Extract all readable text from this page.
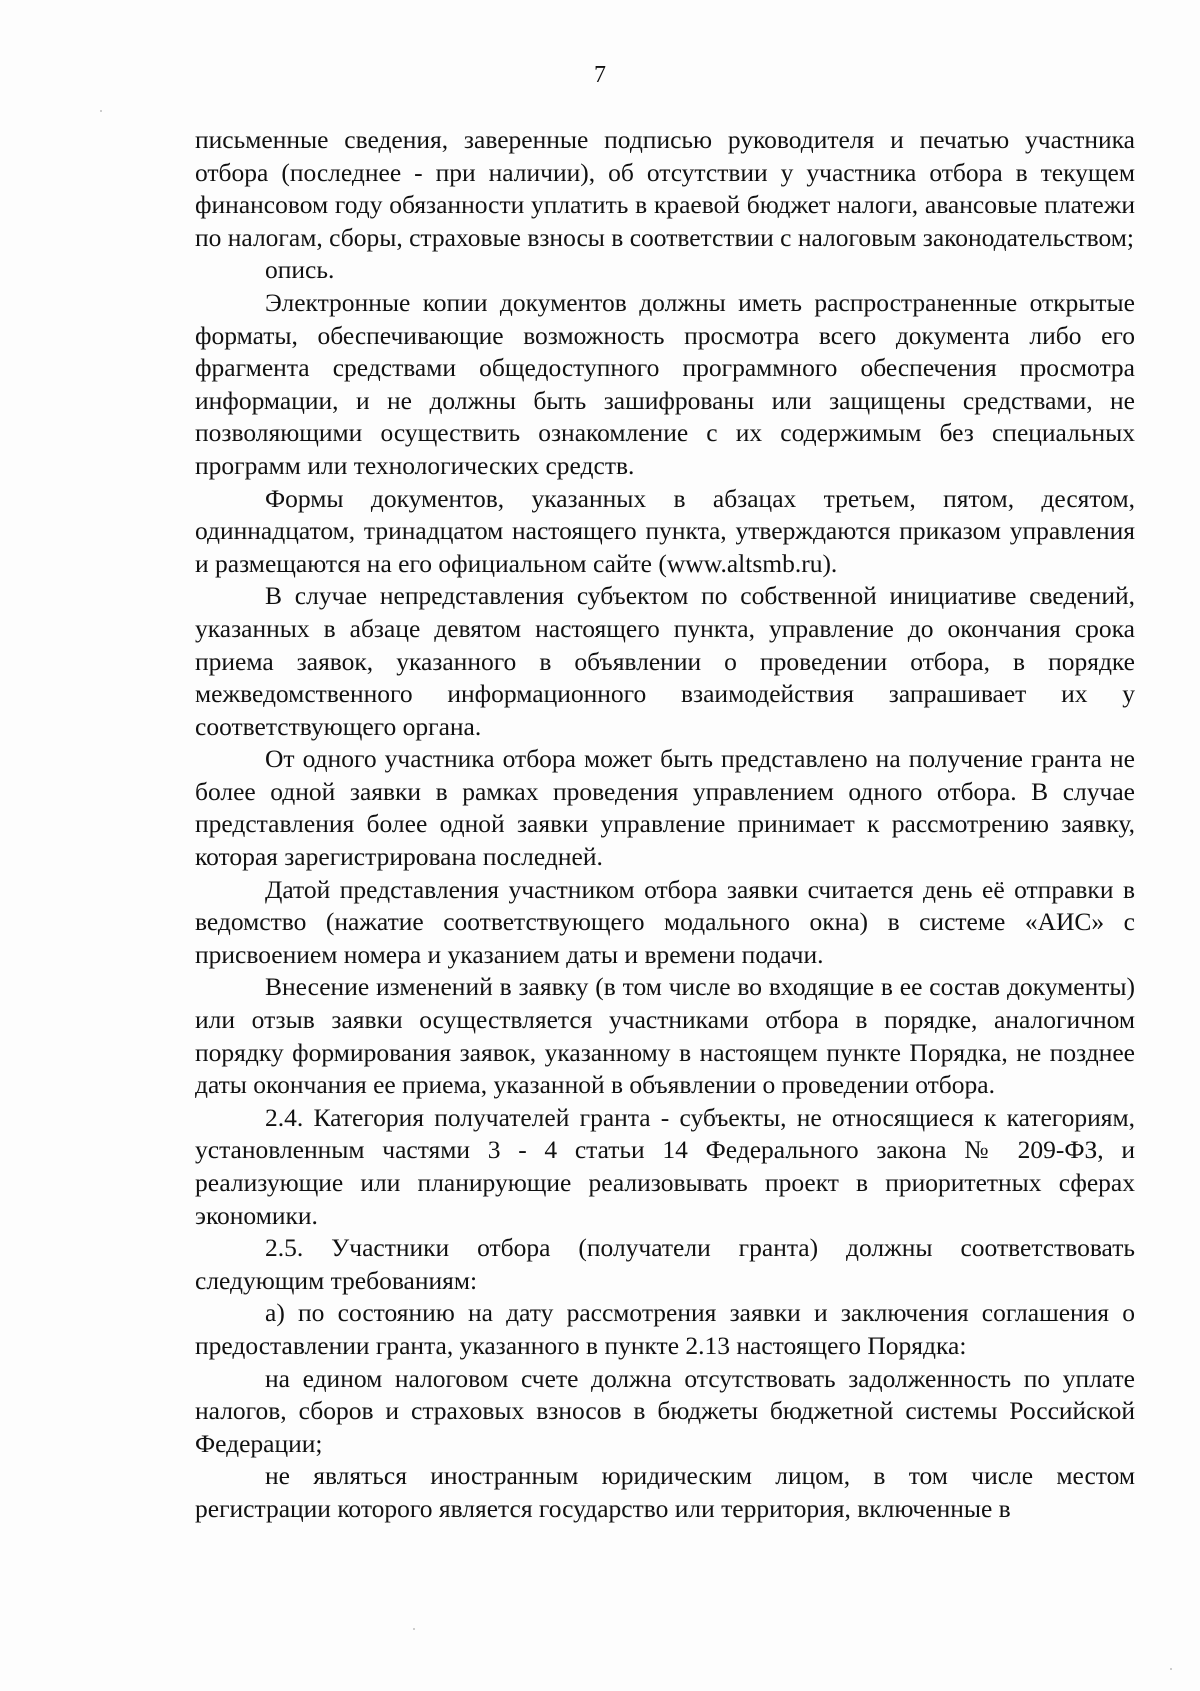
7

письменные сведения, заверенные подписью руководителя и печатью участника отбора (последнее - при наличии), об отсутствии у участника отбора в текущем финансовом году обязанности уплатить в краевой бюджет налоги, авансовые платежи по налогам, сборы, страховые взносы в соответствии с налоговым законодательством;

опись.

Электронные копии документов должны иметь распространенные открытые форматы, обеспечивающие возможность просмотра всего документа либо его фрагмента средствами общедоступного программного обеспечения просмотра информации, и не должны быть зашифрованы или защищены средствами, не позволяющими осуществить ознакомление с их содержимым без специальных программ или технологических средств.

Формы документов, указанных в абзацах третьем, пятом, десятом, одиннадцатом, тринадцатом настоящего пункта, утверждаются приказом управления и размещаются на его официальном сайте (www.altsmb.ru).

В случае непредставления субъектом по собственной инициативе сведений, указанных в абзаце девятом настоящего пункта, управление до окончания срока приема заявок, указанного в объявлении о проведении отбора, в порядке межведомственного информационного взаимодействия запрашивает их у соответствующего органа.

От одного участника отбора может быть представлено на получение гранта не более одной заявки в рамках проведения управлением одного отбора. В случае представления более одной заявки управление принимает к рассмотрению заявку, которая зарегистрирована последней.

Датой представления участником отбора заявки считается день её отправки в ведомство (нажатие соответствующего модального окна) в системе «АИС» с присвоением номера и указанием даты и времени подачи.

Внесение изменений в заявку (в том числе во входящие в ее состав документы) или отзыв заявки осуществляется участниками отбора в порядке, аналогичном порядку формирования заявок, указанному в настоящем пункте Порядка, не позднее даты окончания ее приема, указанной в объявлении о проведении отбора.

2.4. Категория получателей гранта - субъекты, не относящиеся к категориям, установленным частями 3 - 4 статьи 14 Федерального закона № 209-ФЗ, и реализующие или планирующие реализовывать проект в приоритетных сферах экономики.

2.5. Участники отбора (получатели гранта) должны соответствовать следующим требованиям:

а) по состоянию на дату рассмотрения заявки и заключения соглашения о предоставлении гранта, указанного в пункте 2.13 настоящего Порядка:

на едином налоговом счете должна отсутствовать задолженность по уплате налогов, сборов и страховых взносов в бюджеты бюджетной системы Российской Федерации;

не являться иностранным юридическим лицом, в том числе местом регистрации которого является государство или территория, включенные в
